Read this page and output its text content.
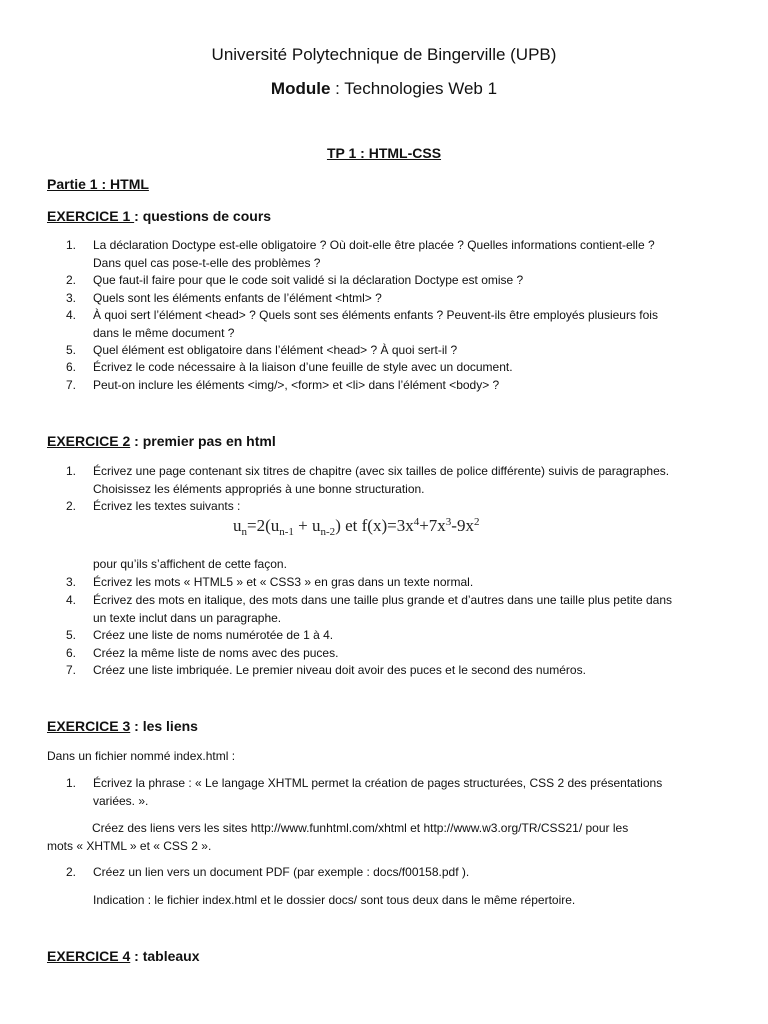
Université Polytechnique de Bingerville (UPB)
Module : Technologies Web 1
TP 1 : HTML-CSS
Partie 1 : HTML
EXERCICE 1 : questions de cours
1. La déclaration Doctype est-elle obligatoire ? Où doit-elle être placée ? Quelles informations contient-elle ?
Dans quel cas pose-t-elle des problèmes ?
2. Que faut-il faire pour que le code soit validé si la déclaration Doctype est omise ?
3. Quels sont les éléments enfants de l’élément <html> ?
4. À quoi sert l’élément <head> ? Quels sont ses éléments enfants ? Peuvent-ils être employés plusieurs fois
dans le même document ?
5. Quel élément est obligatoire dans l’élément <head> ? À quoi sert-il ?
6. Écrivez le code nécessaire à la liaison d’une feuille de style avec un document.
7. Peut-on inclure les éléments <img/>, <form> et <li> dans l’élément <body> ?
EXERCICE 2 : premier pas en html
1. Écrivez une page contenant six titres de chapitre (avec six tailles de police différente) suivis de paragraphes.
Choisissez les éléments appropriés à une bonne structuration.
2. Écrivez les textes suivants :
$u_n=2(u_{n-1} + u_{n-2})$ et $f(x)=3x^4+7x^3-9x^2$
pour qu’ils s’affichent de cette façon.
3. Écrivez les mots « HTML5 » et « CSS3 » en gras dans un texte normal.
4. Écrivez des mots en italique, des mots dans une taille plus grande et d’autres dans une taille plus petite dans
un texte inclut dans un paragraphe.
5. Créez une liste de noms numérotée de 1 à 4.
6. Créez la même liste de noms avec des puces.
7. Créez une liste imbriquée. Le premier niveau doit avoir des puces et le second des numéros.
EXERCICE 3 : les liens
Dans un fichier nommé index.html :
1. Écrivez la phrase : « Le langage XHTML permet la création de pages structurées, CSS 2 des présentations
variées. ».
Créez des liens vers les sites http://www.funhtml.com/xhtml et http://www.w3.org/TR/CSS21/ pour les
mots « XHTML » et « CSS 2 ».
2. Créez un lien vers un document PDF (par exemple : docs/f00158.pdf ).
Indication : le fichier index.html et le dossier docs/ sont tous deux dans le même répertoire.
EXERCICE 4 : tableaux
